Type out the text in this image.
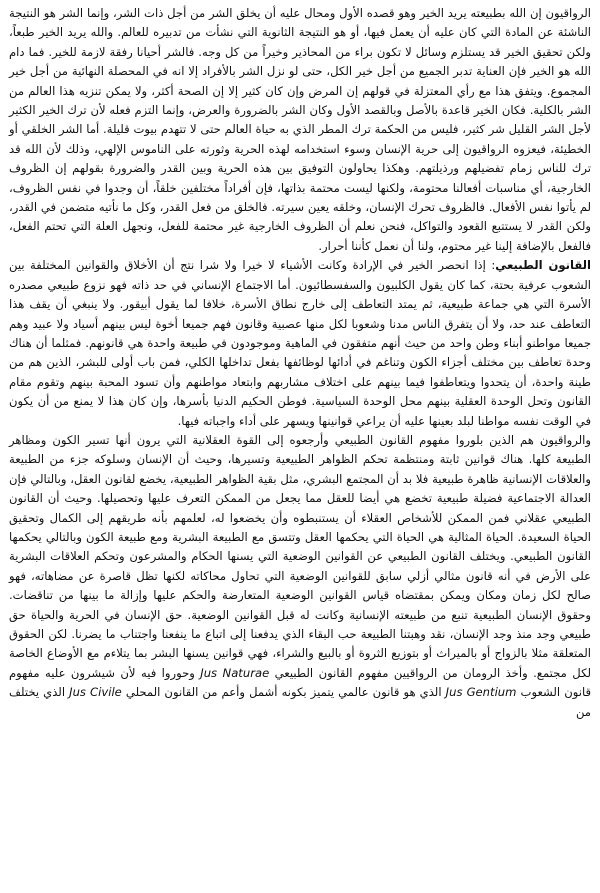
الرواقيون إن الله بطبيعته يريد الخير وهو قصده الأول ومحال عليه أن يخلق الشر من أجل ذات الشر، وإنما الشر هو النتيجة الناشئة عن المادة التي كان عليه أن يعمل فيها، أو هو النتيجة الثانوية التي نشأت من تدبيره للعالم. والله يريد الخير طبعاً، ولكن تحقيق الخير قد يستلزم وسائل لا تكون براء من المحاذير وخيراً من كل وجه. فالشر أحيانا رفقة لازمة للخير. فما دام الله هو الخير فإن العناية تدبر الجميع من أجل خير الكل، حتى لو نزل الشر بالأفراد إلا انه في المحصلة النهائية من أجل خير المجموع. ويتفق هذا مع رأي المعتزلة في قولهم إن المرض وإن كان كثير إلا إن الصحة أكثر، ولا يمكن تنزيه هذا العالم من الشر بالكلية. فكان الخير قاعدة بالأصل وبالقصد الأول وكان الشر بالضرورة والعرض، وإنما التزم فعله لأن ترك الخير الكثير لأجل الشر القليل شر كثير، فليس من الحكمة ترك المطر الذي به حياة العالم حتى لا تتهدم بيوت قليلة. أما الشر الخلقي أو الخطيئة، فيعزوه الرواقيون إلى حرية الإنسان وسوء استخدامه لهذه الحرية وثورته على الناموس الإلهي، وذلك لأن الله قد ترك للناس زمام تفضيلهم ورذيلتهم. وهكذا يحاولون التوفيق بين هذه الحرية وبين القدر والضرورة بقولهم إن الظروف الخارجية، أي مناسبات أفعالنا محتومة، ولكنها ليست محتمة بذاتها، فإن أفراداً مختلفين خلقاً، أن وجدوا في نفس الظروف، لم يأتوا نفس الأفعال. فالظروف تحرك الإنسان، وخلقه يعين سيرته. فالخلق من فعل القدر، وكل ما نأتيه متضمن في القدر، ولكن القدر لا يستتبع القعود والتواكل، فنحن نعلم أن الظروف الخارجية غير محتمة للفعل، ونجهل العلة التي تحتم الفعل، فالفعل بالإضافة إلينا غير محتوم، ولنا أن نعمل كأننا أحرار.

القانون الطبيعي: إذا انحصر الخير في الإرادة وكانت الأشياء لا خيرا ولا شرا نتج أن الأخلاق والقوانين المختلفة بين الشعوب عرفية بحتة، كما كان يقول الكلبيون والسفسطائيون. أما الاجتماع الإنساني في حد ذاته فهو نزوع طبيعي مصدره الأسرة التي هي جماعة طبيعية، ثم يمتد التعاطف إلى خارج نطاق الأسرة، خلافا لما يقول أبيقور. ولا ينبغي أن يقف هذا التعاطف عند حد، ولا أن يتفرق الناس مدنا وشعوبا لكل منها عصبية وقانون فهم جميعا أخوة ليس بينهم أسياد ولا عبيد وهم جميعا مواطنو أبناء وطن واحد من حيث أنهم متفقون في الماهية وموجودون في طبيعة واحدة هي قانونهم. فمثلما أن هناك وحدة تعاطف بين مختلف أجزاء الكون وتناغم في أدائها لوظائفها بفعل تداخلها الكلي، فمن باب أولى للبشر، الذين هم من طينة واحدة، أن يتحدوا ويتعاطفوا فيما بينهم على اختلاف مشاربهم وابتعاد مواطنهم وأن تسود المحبة بينهم وتقوم مقام القانون وتحل الوحدة العقلية بينهم محل الوحدة السياسية. فوطن الحكيم الدنيا بأسرها، وإن كان هذا لا يمنع من أن يكون في الوقت نفسه مواطنا لبلد بعينها عليه أن يراعي قوانينها ويسهر على أداء واجباته فيها.

والرواقيون هم الذين بلوروا مفهوم القانون الطبيعي وأرجعوه إلى القوة العقلانية التي يرون أنها تسير الكون ومظاهر الطبيعة كلها. هناك قوانين ثابتة ومنتظمة تحكم الظواهر الطبيعية وتسيرها، وحيث أن الإنسان وسلوكه جزء من الطبيعة والعلاقات الإنسانية ظاهرة طبيعية فلا بد أن المجتمع البشري، مثل بقية الظواهر الطبيعية، يخضع لقانون العقل، وبالتالي فإن العدالة الاجتماعية فضيلة طبيعية تخضع هي أيضا للعقل مما يجعل من الممكن التعرف عليها وتحصيلها. وحيث أن القانون الطبيعي عقلاني فمن الممكن للأشخاص العقلاء أن يستنبطوه وأن يخضعوا له، لعلمهم بأنه طريقهم إلى الكمال وتحقيق الحياة السعيدة. الحياة المثالية هي الحياة التي يحكمها العقل وتتسق مع الطبيعة البشرية ومع طبيعة الكون وبالتالي يحكمها القانون الطبيعي. ويختلف القانون الطبيعي عن القوانين الوضعية التي يسنها الحكام والمشرعون وتحكم العلاقات البشرية على الأرض في أنه قانون مثالي أزلي سابق للقوانين الوضعية التي تحاول محاكاته لكنها تظل قاصرة عن مضاهاته، فهو صالح لكل زمان ومكان ويمكن بمقتضاه قياس القوانين الوضعية المتعارضة والحكم عليها وإزالة ما بينها من تناقضات. وحقوق الإنسان الطبيعية تنبع من طبيعته الإنسانية وكانت له قبل القوانين الوضعية. حق الإنسان في الحرية والحياة حق طبيعي وجد منذ وجد الإنسان، نقد وهبتنا الطبيعة حب البقاء الذي يدفعنا إلى اتباع ما ينفعنا واجتناب ما يضرنا. لكن الحقوق المتعلقة مثلا بالزواج أو بالميراث أو بتوزيع الثروة أو بالبيع والشراء، فهي قوانين يسنها البشر بما يتلاءم مع الأوضاع الخاصة لكل مجتمع. وأخذ الرومان من الرواقيين مفهوم القانون الطبيعي Jus Naturae وحوروا فيه لأن شيشرون عليه مفهوم قانون الشعوب Jus Gentium الذي هو قانون عالمي يتميز بكونه أشمل وأعم من القانون المحلي Jus Civile الذي يختلف من
